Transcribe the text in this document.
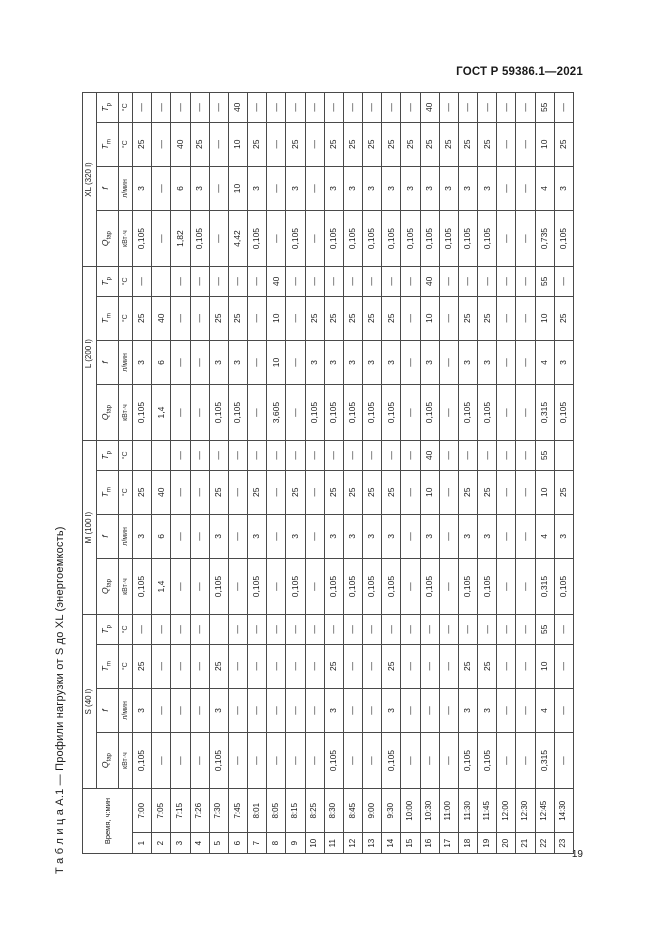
ГОСТ Р 59386.1—2021
Т а б л и ц а А.1 — Профили нагрузки от S до XL (энергоемкость)	19
Время, ч:мин		S (40 l)				M (100 l)				L (200 l)				XL (320 l)			
		$Q_{tap}$	f	$T_m$	$T_p$	$Q_{tap}$	f	$T_m$	$T_p$	$Q_{tap}$	f	$T_m$	$T_p$	$Q_{tap}$	f	$T_m$	$T_p$
		кВт·ч	л/мин	°C	°C	кВт·ч	л/мин	°C	°C	кВт·ч	л/мин	°C	°C	кВт·ч	л/мин	°C	°C
1	7:00	0,105	3	25	—	0,105	3	25		0,105	3	25	—	0,105	3	25	—
2	7:05	—	—	—	—	1,4	6	40		1,4	6	40		—	—	—	—
3	7:15	—	—	—	—	—	—	—	—	—	—	—	—	1,82	6	40	—
4	7:26	—	—	—	—	—	—	—	—	—	—	—	—	0,105	3	25	—
5	7:30	0,105	3	25		0,105	3	25	—	0,105	3	25	—	—	—	—	—
6	7:45	—	—	—	—	—	—	—	—	0,105	3	25	—	4,42	10	10	40
7	8:01	—	—	—	—	0,105	3	25	—	—	—	—	—	0,105	3	25	—
8	8:05	—	—	—	—	—	—	—	—	3,605	10	10	40	—	—	—	—
9	8:15	—	—	—	—	0,105	3	25	—	—	—	—	—	0,105	3	25	—
10	8:25	—	—	—	—	—	—	—	—	0,105	3	25	—	—	—	—	—
11	8:30	0,105	3	25	—	0,105	3	25	—	0,105	3	25	—	0,105	3	25	—
12	8:45	—	—	—	—	0,105	3	25	—	0,105	3	25	—	0,105	3	25	—
13	9:00	—	—	—	—	0,105	3	25	—	0,105	3	25	—	0,105	3	25	—
14	9:30	0,105	3	25	—	0,105	3	25	—	0,105	3	25	—	0,105	3	25	—
15	10:00	—	—	—	—	—	—	—	—	—	—	—	—	0,105	3	25	—
16	10:30	—	—	—	—	0,105	3	10	40	0,105	3	10	40	0,105	3	25	40
17	11:00	—	—	—	—	—	—	—	—	—	—	—	—	0,105	3	25	—
18	11:30	0,105	3	25	—	0,105	3	25	—	0,105	3	25	—	0,105	3	25	—
19	11:45	0,105	3	25	—	0,105	3	25	—	0,105	3	25	—	0,105	3	25	—
20	12:00	—	—	—	—	—	—	—	—	—	—	—	—	—	—	—	—
21	12:30	—	—	—	—	—	—	—	—	—	—	—	—	—	—	—	—
22	12:45	0,315	4	10	55	0,315	4	10	55	0,315	4	10	55	0,735	4	10	55
23	14:30	—	—	—	—	0,105	3	25		0,105	3	25	—	0,105	3	25	—
